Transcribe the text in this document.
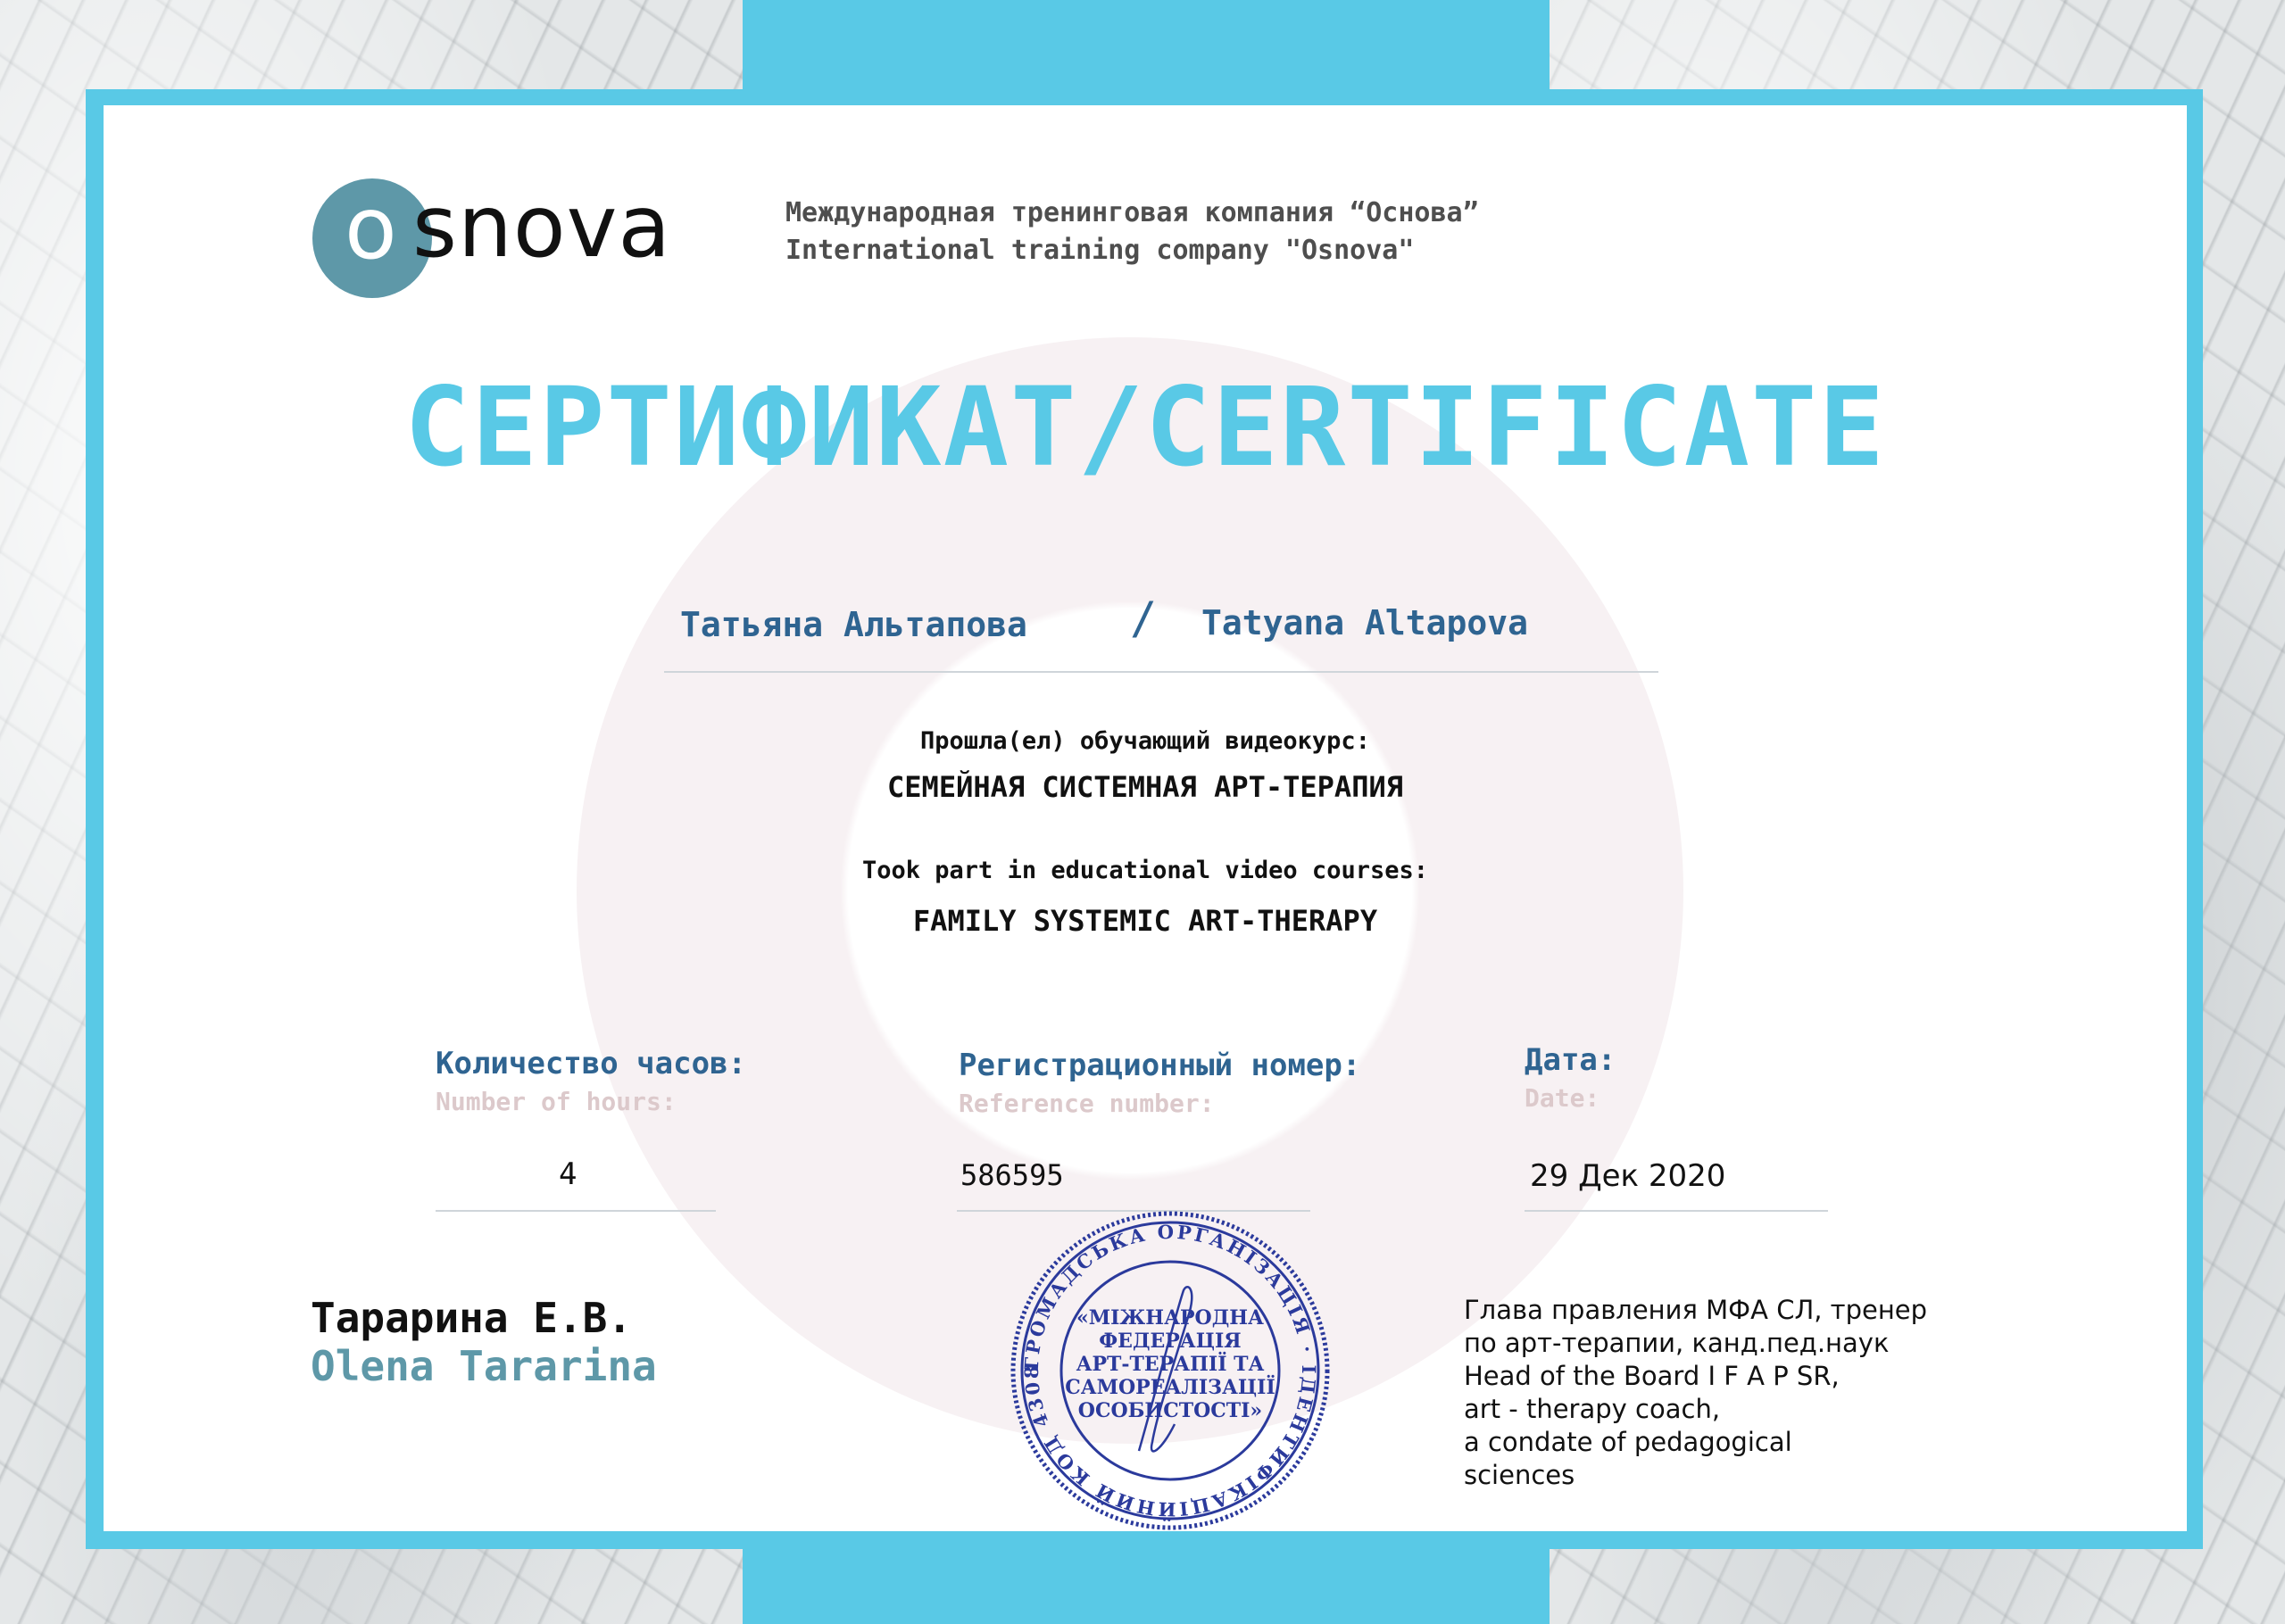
o snova	Международная тренинговая компания “Основа”
International training company "Osnova"
СЕРТИФИКАТ/CERTIFICATE
Татьяна Альтапова / Tatyana Altapova
Прошла(ел) обучающий видеокурс:
СЕМЕЙНАЯ СИСТЕМНАЯ АРТ-ТЕРАПИЯ
Took part in educational video courses:
FAMILY SYSTEMIC ART-THERAPY
Количество часов:
Number of hours:
4
Регистрационный номер:
Reference number:
586595
Дата:
Date:
29 Дек 2020
Тарарина Е.В.
Olena Tararina	ГРОМАДСЬКА ОРГАНІЗАЦІЯ · ІДЕНТИФІКАЦІЙНИЙ КОД 4308
«МІЖНАРОДНА ФЕДЕРАЦІЯ АРТ-ТЕРАПІЇ ТА САМОРЕАЛІЗАЦІЇ ОСОБИСТОСТІ»
Глава правления МФА СЛ, тренер
по арт-терапии, канд.пед.наук
Head of the Board I F A P SR,
art - therapy coach,
a condate of pedagogical
sciences
